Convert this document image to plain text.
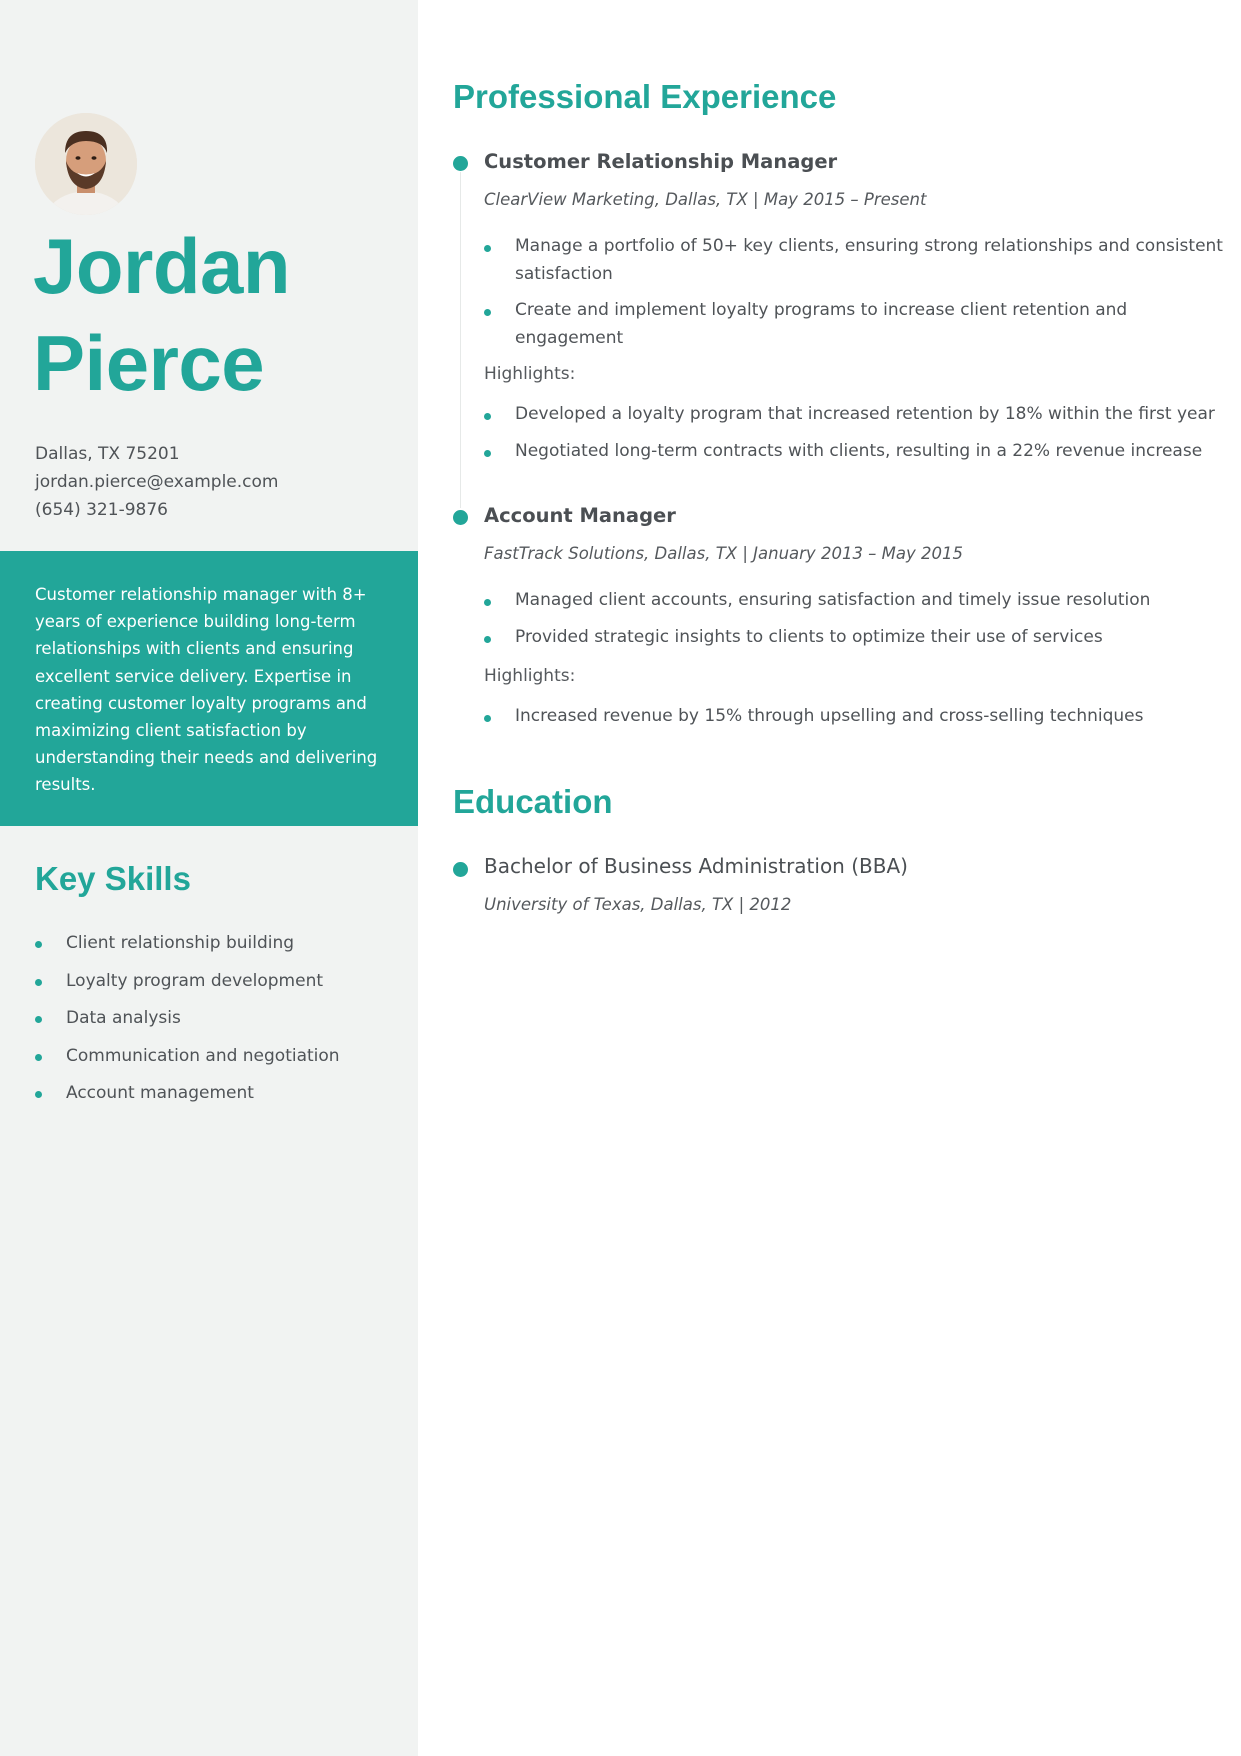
Jordan
Pierce
Dallas, TX 75201
jordan.pierce@example.com
(654) 321-9876
Customer relationship manager with 8+ years of experience building long-term relationships with clients and ensuring excellent service delivery. Expertise in creating customer loyalty programs and maximizing client satisfaction by understanding their needs and delivering results.
Key Skills
Client relationship building
Loyalty program development
Data analysis
Communication and negotiation
Account management
Professional Experience
Customer Relationship Manager
ClearView Marketing, Dallas, TX | May 2015 – Present
Manage a portfolio of 50+ key clients, ensuring strong relationships and consistent satisfaction
Create and implement loyalty programs to increase client retention and engagement
Highlights:
Developed a loyalty program that increased retention by 18% within the first year
Negotiated long-term contracts with clients, resulting in a 22% revenue increase
Account Manager
FastTrack Solutions, Dallas, TX | January 2013 – May 2015
Managed client accounts, ensuring satisfaction and timely issue resolution
Provided strategic insights to clients to optimize their use of services
Highlights:
Increased revenue by 15% through upselling and cross-selling techniques
Education
Bachelor of Business Administration (BBA)
University of Texas, Dallas, TX | 2012
